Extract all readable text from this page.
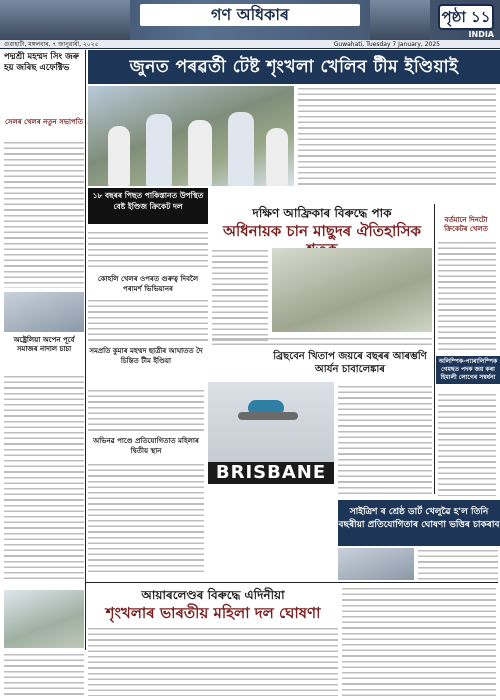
গণ অধিকাৰ	পৃষ্ঠা ১১
INDIA
গুৱাহাটী, মঙ্গলবাৰ, ৭ জানুৱাৰী, ২০২৫	Guwahati, Tuesday 7 January, 2025
পদ্মশ্ৰী মহম্মদ সিং জৰু হয় জৰিছ এফেক্টিভ
সেলৰ খেলৰ নতুন সভাপতি
অষ্ট্ৰেলিয়া অপেন পূৰ্বে সমাজৰ নাদাল চাচা
জুনত পৰৱৰ্তী টেষ্ট শৃংখলা খেলিব টীম ইণ্ডিয়াই
১৮ বছৰৰ পিছত পাকিস্তানত উপস্থিত বেষ্ট ইণ্ডিজ ক্ৰিকেট দল
কোহলি খেলৰ ওপৰত গুৰুত্ব দিবলৈ পৰামৰ্শ ভিভিয়ানৰ
দক্ষিণ আফ্ৰিকাৰ বিৰুদ্ধে পাক
অধিনায়ক চান মাছুদৰ ঐতিহাসিক
বৰ্তমানে দিনটো ক্ৰিকেটৰ খেলত
সমপ্ৰতি কুমাৰ মহম্মদ ছাত্ৰীৰ আঘাতত দৈ চিন্তিত টীম ইণ্ডিয়া
অভিনৱ পাণ্ডে প্ৰতিযোগিতাত মহিলাৰ দ্বিতীয় স্থান
ব্ৰিছবেন খিতাপ জয়ৰে বছৰৰ আৰম্ভণি আৰ্যন চাবালেঙ্কাৰ
BRISBANE
অলিম্পিক-প্যাৰালিম্পিক গেমছত পদক জয় কৰা হিমালী লোগেৰ সম্বৰ্ধনা
সাইত্ৰিশ ৰ শ্ৰেষ্ঠ ডাৰ্ট খেলুৱৈ হ'ল তিনি বছৰীয়া প্ৰতিযোগিতাৰ ঘোষণা ভত্তিৰ চাকৰাব
আয়াৰলেণ্ডৰ বিৰুদ্ধে এদিনীয়া
শৃংখলাৰ ভাৰতীয় মহিলা দল ঘোষণা
